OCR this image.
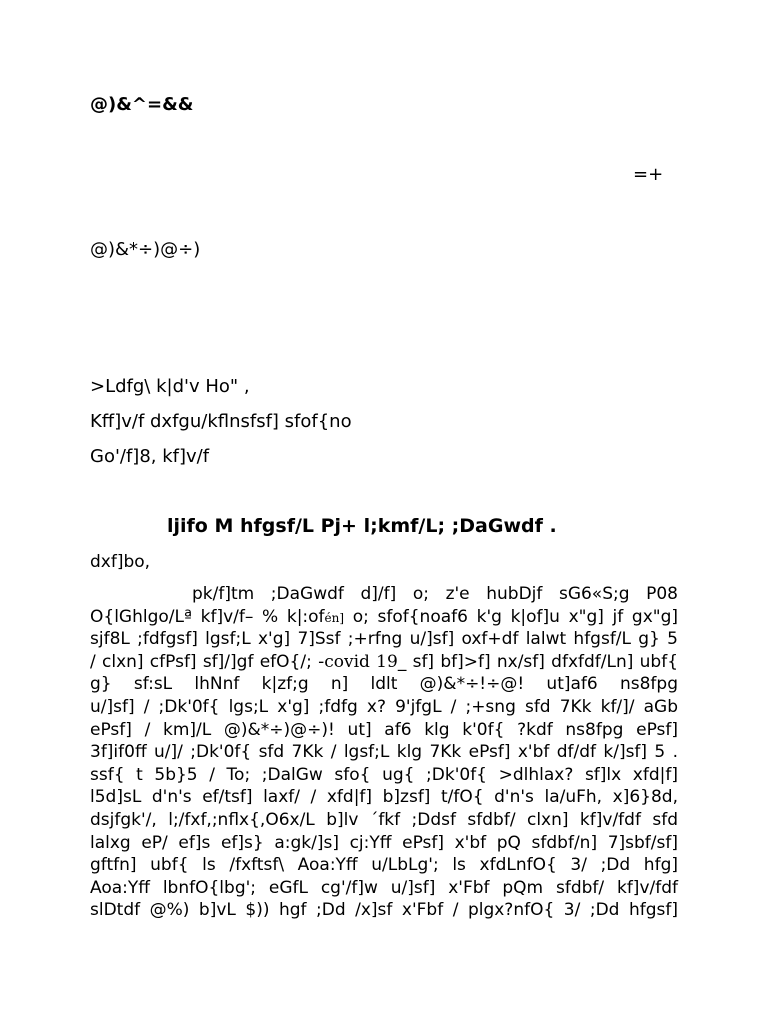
@)&^=&&
=+
@)&*÷)@÷)
>Ldfg\ k|d'v Ho" ,
Kff]v/f dxfgu/kflnsfsf] sfof{no
Go'/f]8, kf]v/f
ljifo M hfgsf/L Pj+ l;kmf/L; ;DaGwdf .
dxf]bo,
pk/f]tm ;DaGwdf d]/f] o; z'e hubDjf sG6«S;g P08
O{lGhlgo/Lª kf]v/f– % k|:ofén] o; sfof{noaf6 k'g k|of]u x"g] jf gx"g]
sjf8L ;fdfgsf] lgsf;L x'g] 7]Ssf ;+rfng u/]sf] oxf+df lalwt hfgsf/L g} 5
/ clxn] cfPsf] sf]/]gf efO{/; -covid 19_ sf] bf]>f] nx/sf] dfxfdf/Ln] ubf{
g} sf:sL lhNnf k|zf;g n] ldlt @)&*÷!÷@! ut]af6 ns8fpg
u/]sf] / ;Dk'0f{ lgs;L x'g] ;fdfg x? 9'jfgL / ;+sng sfd 7Kk kf/]/ aGb
ePsf] / km]/L @)&*÷)@÷)! ut] af6 klg k'0f{ ?kdf ns8fpg ePsf]
3f]if0ff u/]/ ;Dk'0f{ sfd 7Kk / lgsf;L klg 7Kk ePsf] x'bf df/df k/]sf] 5 .
ssf{ t 5b}5 / To; ;DalGw sfo{ ug{ ;Dk'0f{ >dlhlax? sf]lx xfd|f]
l5d]sL d'n's ef/tsf] laxf/ / xfd|f] b]zsf] t/fO{ d'n's la/uFh, x]6}8d,
dsjfgk'/, l;/fxf,;nflx{,O6x/L b]lv ´fkf ;Ddsf sfdbf/ clxn] kf]v/fdf sfd
lalxg eP/ ef]s ef]s} a:gk/]s] cj:Yff ePsf] x'bf pQ sfdbf/n] 7]sbf/sf]
gftfn] ubf{ ls /fxftsf\ Aoa:Yff u/LbLg'; ls xfdLnfO{ 3/ ;Dd hfg]
Aoa:Yff lbnfO{lbg'; eGfL cg'/f]w u/]sf] x'Fbf pQm sfdbf/ kf]v/fdf
slDtdf @%) b]vL $)) hgf ;Dd /x]sf x'Fbf / plgx?nfO{ 3/ ;Dd hfgsf]
